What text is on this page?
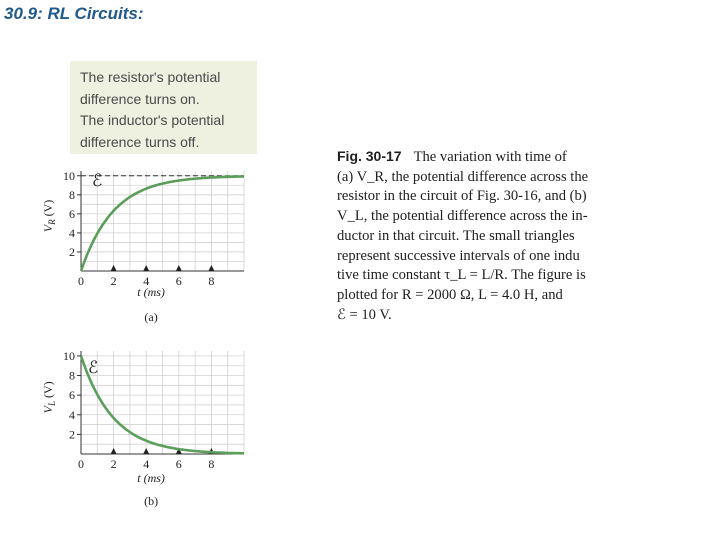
30.9: RL Circuits:
The resistor's potential
difference turns on.
The inductor's potential
difference turns off.
Fig. 30-17 The variation with time of
(a) V_R, the potential difference across the
resistor in the circuit of Fig. 30-16, and (b)
V_L, the potential difference across the in-
ductor in that circuit. The small triangles
represent successive intervals of one indu
tive time constant τ_L = L/R. The figure is
plotted for R = 2000 Ω, L = 4.0 H, and
ℰ = 10 V.
2
4
6
8
10
0 2 4 6 8
ℰ
t (ms)
$V_R$ (V)
(a)
2
4
6
8
10
0 2 4 6 8
ℰ
t (ms)
$V_L$ (V)
(b)
